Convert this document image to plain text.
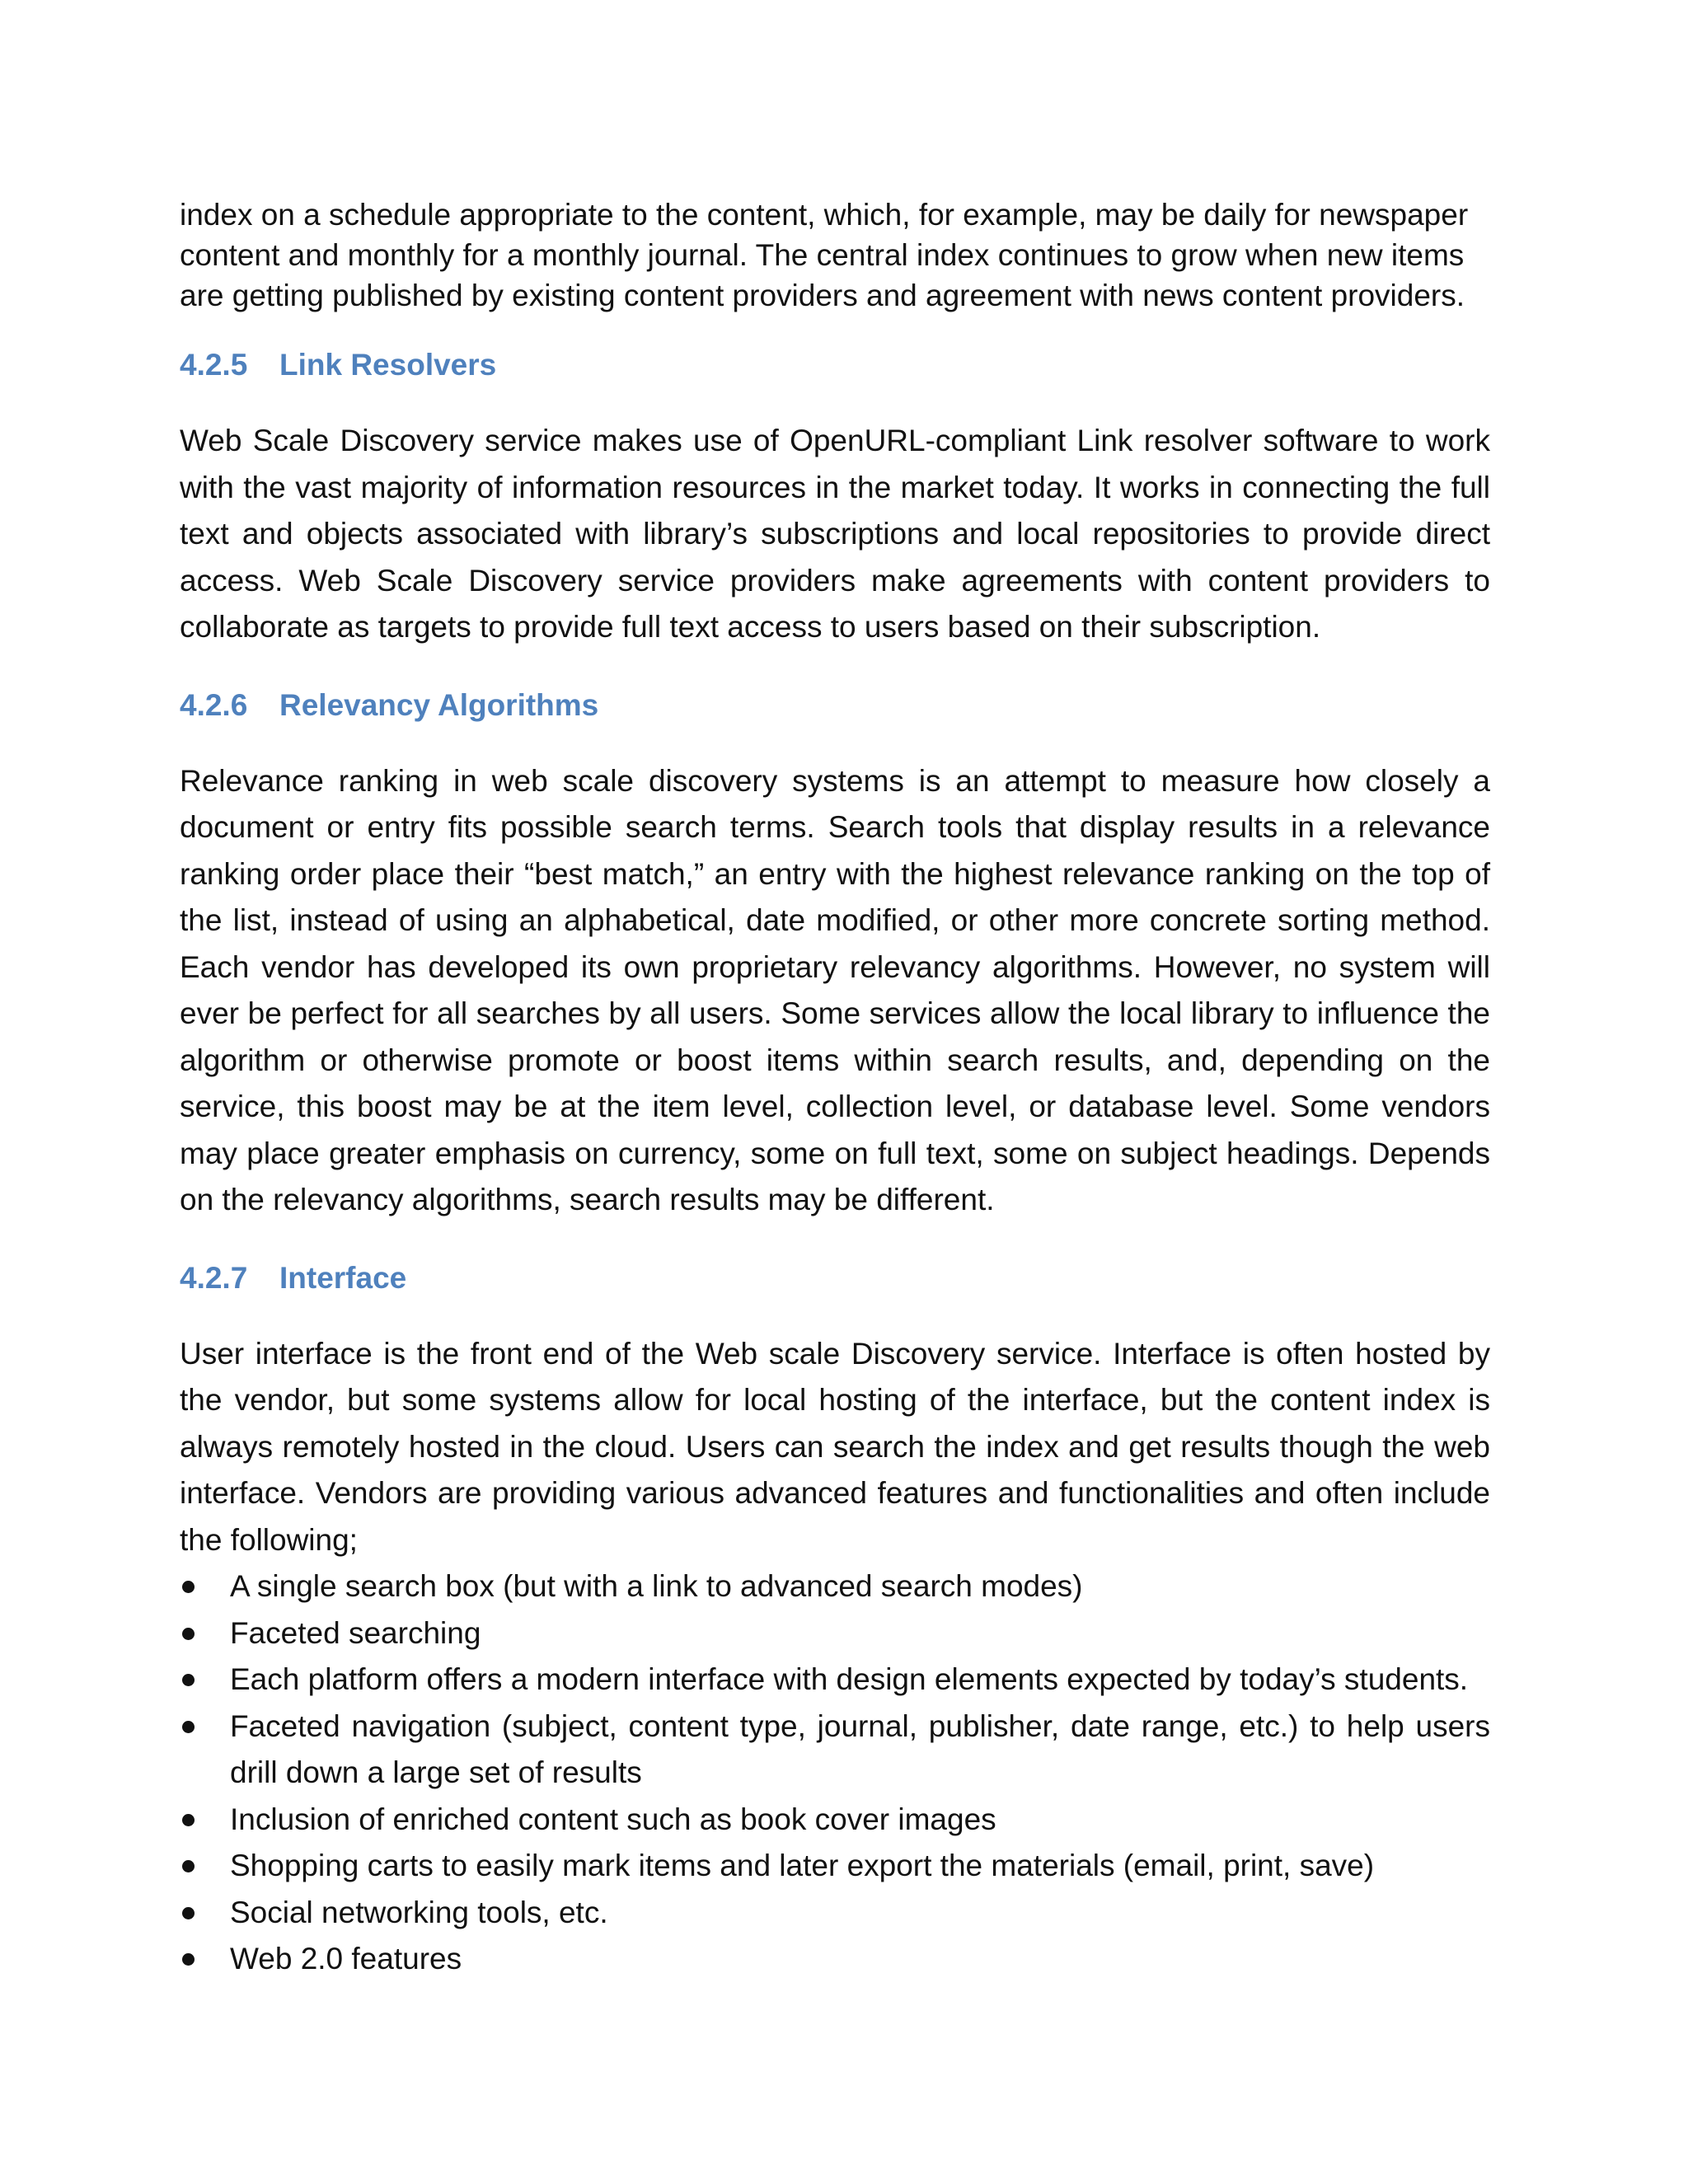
index on a schedule appropriate to the content, which, for example, may be daily for newspaper

content and monthly for a monthly journal. The central index continues to grow when new items

are getting published by existing content providers and agreement with news content providers.

4.2.5	Link Resolvers

Web Scale Discovery service makes use of OpenURL-compliant Link resolver software to work with the vast majority of information resources in the market today. It works in connecting the full text and objects associated with library’s subscriptions and local repositories to provide direct access. Web Scale Discovery service providers make agreements with content providers to collaborate as targets to provide full text access to users based on their subscription.

4.2.6	Relevancy Algorithms

Relevance ranking in web scale discovery systems is an attempt to measure how closely a document or entry fits possible search terms. Search tools that display results in a relevance ranking order place their “best match,” an entry with the highest relevance ranking on the top of the list, instead of using an alphabetical, date modified, or other more concrete sorting method. Each vendor has developed its own proprietary relevancy algorithms. However, no system will ever be perfect for all searches by all users. Some services allow the local library to influence the algorithm or otherwise promote or boost items within search results, and, depending on the service, this boost may be at the item level, collection level, or database level. Some vendors may place greater emphasis on currency, some on full text, some on subject headings. Depends on the relevancy algorithms, search results may be different.

4.2.7	Interface

User interface is the front end of the Web scale Discovery service. Interface is often hosted by the vendor, but some systems allow for local hosting of the interface, but the content index is always remotely hosted in the cloud. Users can search the index and get results though the web interface. Vendors are providing various advanced features and functionalities and often include the following;

A single search box (but with a link to advanced search modes)
Faceted searching
Each platform offers a modern interface with design elements expected by today’s students.
Faceted navigation (subject, content type, journal, publisher, date range, etc.) to help users drill down a large set of results
Inclusion of enriched content such as book cover images
Shopping carts to easily mark items and later export the materials (email, print, save)
Social networking tools, etc.
Web 2.0 features
